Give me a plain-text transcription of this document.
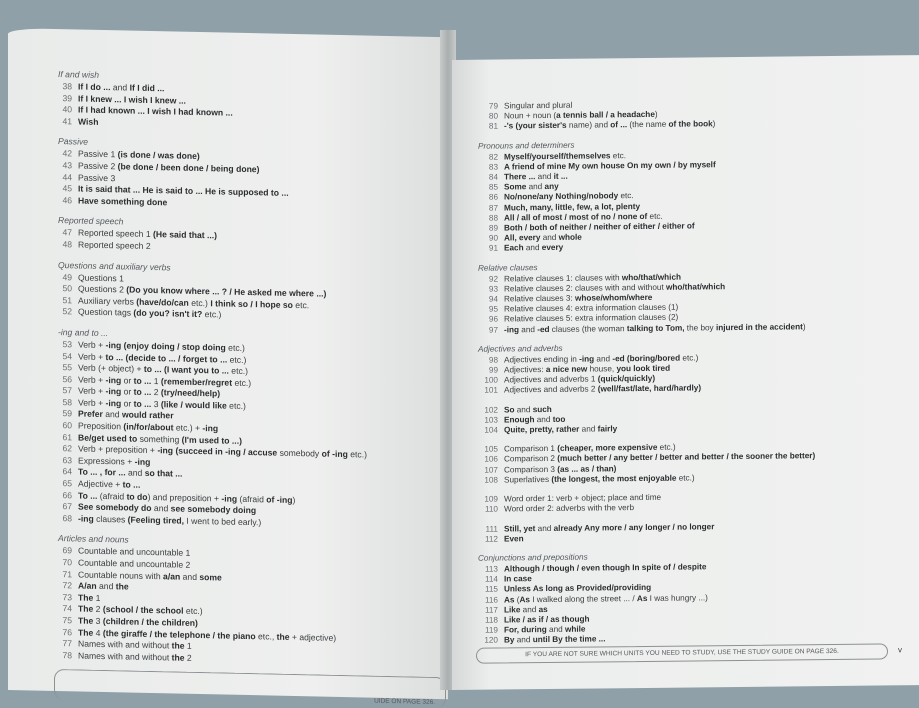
If and wish
38 If I do ... and If I did ...
39 If I knew ... I wish I knew ...
40 If I had known ... I wish I had known ...
41 Wish
Passive
42 Passive 1 (is done / was done)
43 Passive 2 (be done / been done / being done)
44 Passive 3
45 It is said that ... He is said to ... He is supposed to ...
46 Have something done
Reported speech
47 Reported speech 1 (He said that ...)
48 Reported speech 2
Questions and auxiliary verbs
49 Questions 1
50 Questions 2 (Do you know where ... ? / He asked me where ...)
51 Auxiliary verbs (have/do/can etc.) I think so / I hope so etc.
52 Question tags (do you? isn't it? etc.)
-ing and to ...
53 Verb + -ing (enjoy doing / stop doing etc.)
54 Verb + to ... (decide to ... / forget to ... etc.)
55 Verb (+ object) + to ... (I want you to ... etc.)
56 Verb + -ing or to ... 1 (remember/regret etc.)
57 Verb + -ing or to ... 2 (try/need/help)
58 Verb + -ing or to ... 3 (like / would like etc.)
59 Prefer and would rather
60 Preposition (in/for/about etc.) + -ing
61 Be/get used to something (I'm used to ...)
62 Verb + preposition + -ing (succeed in -ing / accuse somebody of -ing etc.)
63 Expressions + -ing
64 To ... , for ... and so that ...
65 Adjective + to ...
66 To ... (afraid to do) and preposition + -ing (afraid of -ing)
67 See somebody do and see somebody doing
68 -ing clauses (Feeling tired, I went to bed early.)
Articles and nouns
69 Countable and uncountable 1
70 Countable and uncountable 2
71 Countable nouns with a/an and some
72 A/an and the
73 The 1
74 The 2 (school / the school etc.)
75 The 3 (children / the children)
76 The 4 (the giraffe / the telephone / the piano etc., the + adjective)
77 Names with and without the 1
78 Names with and without the 2
UIDE ON PAGE 326.
79 Singular and plural
80 Noun + noun (a tennis ball / a headache)
81 -'s (your sister's name) and of ... (the name of the book)
Pronouns and determiners
82 Myself/yourself/themselves etc.
83 A friend of mine My own house On my own / by myself
84 There ... and it ...
85 Some and any
86 No/none/any Nothing/nobody etc.
87 Much, many, little, few, a lot, plenty
88 All / all of most / most of no / none of etc.
89 Both / both of neither / neither of either / either of
90 All, every and whole
91 Each and every
Relative clauses
92 Relative clauses 1: clauses with who/that/which
93 Relative clauses 2: clauses with and without who/that/which
94 Relative clauses 3: whose/whom/where
95 Relative clauses 4: extra information clauses (1)
96 Relative clauses 5: extra information clauses (2)
97 -ing and -ed clauses (the woman talking to Tom, the boy injured in the accident)
Adjectives and adverbs
98 Adjectives ending in -ing and -ed (boring/bored etc.)
99 Adjectives: a nice new house, you look tired
100 Adjectives and adverbs 1 (quick/quickly)
101 Adjectives and adverbs 2 (well/fast/late, hard/hardly)
102 So and such
103 Enough and too
104 Quite, pretty, rather and fairly
105 Comparison 1 (cheaper, more expensive etc.)
106 Comparison 2 (much better / any better / better and better / the sooner the better)
107 Comparison 3 (as ... as / than)
108 Superlatives (the longest, the most enjoyable etc.)
109 Word order 1: verb + object; place and time
110 Word order 2: adverbs with the verb
111 Still, yet and already Any more / any longer / no longer
112 Even
Conjunctions and prepositions
113 Although / though / even though In spite of / despite
114 In case
115 Unless As long as Provided/providing
116 As (As I walked along the street ... / As I was hungry ...)
117 Like and as
118 Like / as if / as though
119 For, during and while
120 By and until By the time ...
IF YOU ARE NOT SURE WHICH UNITS YOU NEED TO STUDY, USE THE STUDY GUIDE ON PAGE 326.	v
